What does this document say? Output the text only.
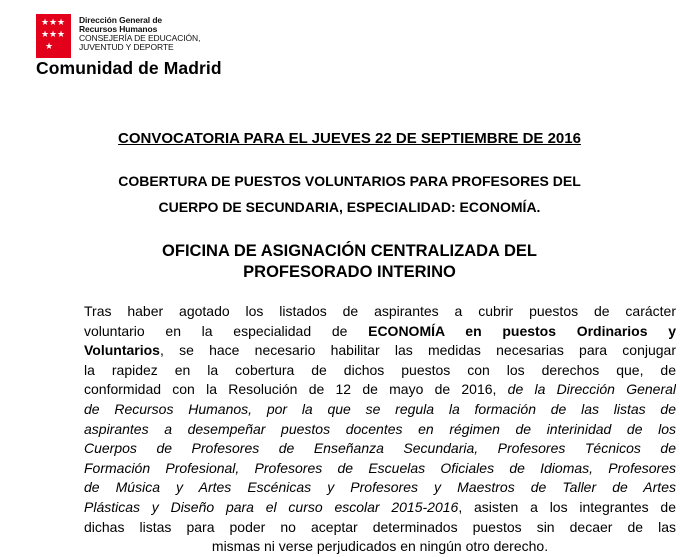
★ ★ ★
★ ★ ★
★
Dirección General de
Recursos Humanos
CONSEJERÍA DE EDUCACIÓN,
JUVENTUD Y DEPORTE
Comunidad de Madrid
CONVOCATORIA PARA EL JUEVES 22 DE SEPTIEMBRE DE 2016
COBERTURA DE PUESTOS VOLUNTARIOS PARA PROFESORES DEL
CUERPO DE SECUNDARIA, ESPECIALIDAD: ECONOMÍA.
OFICINA DE ASIGNACIÓN CENTRALIZADA DEL
PROFESORADO INTERINO
Tras haber agotado los listados de aspirantes a cubrir puestos de carácter
voluntario en la especialidad de ECONOMÍA en puestos Ordinarios y
Voluntarios, se hace necesario habilitar las medidas necesarias para conjugar
la rapidez en la cobertura de dichos puestos con los derechos que, de
conformidad con la Resolución de 12 de mayo de 2016, de la Dirección General
de Recursos Humanos, por la que se regula la formación de las listas de
aspirantes a desempeñar puestos docentes en régimen de interinidad de los
Cuerpos de Profesores de Enseñanza Secundaria, Profesores Técnicos de
Formación Profesional, Profesores de Escuelas Oficiales de Idiomas, Profesores
de Música y Artes Escénicas y Profesores y Maestros de Taller de Artes
Plásticas y Diseño para el curso escolar 2015-2016, asisten a los integrantes de
dichas listas para poder no aceptar determinados puestos sin decaer de las
mismas ni verse perjudicados en ningún otro derecho.
